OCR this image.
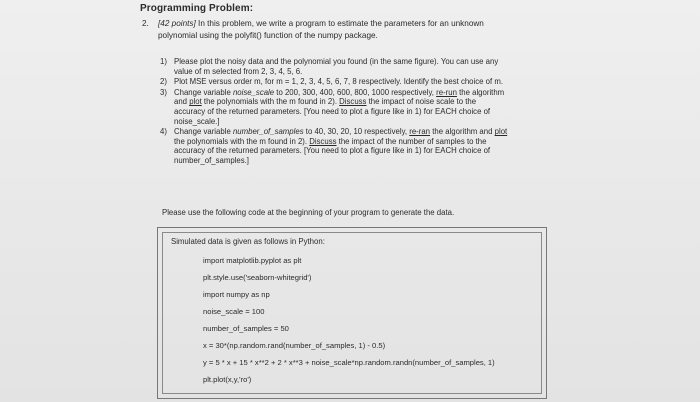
Programming Problem:
2. [42 points] In this problem, we write a program to estimate the parameters for an unknown
polynomial using the polyfit() function of the numpy package.
1) Please plot the noisy data and the polynomial you found (in the same figure). You can use any
value of m selected from 2, 3, 4, 5, 6.
2) Plot MSE versus order m, for m = 1, 2, 3, 4, 5, 6, 7, 8 respectively. Identify the best choice of m.
3) Change variable noise_scale to 200, 300, 400, 600, 800, 1000 respectively, re-run the algorithm
and plot the polynomials with the m found in 2). Discuss the impact of noise scale to the
accuracy of the returned parameters. [You need to plot a figure like in 1) for EACH choice of
noise_scale.]
4) Change variable number_of_samples to 40, 30, 20, 10 respectively, re-ran the algorithm and plot
the polynomials with the m found in 2). Discuss the impact of the number of samples to the
accuracy of the returned parameters. [You need to plot a figure like in 1) for EACH choice of
number_of_samples.]
Please use the following code at the beginning of your program to generate the data.
Simulated data is given as follows in Python:
import matplotlib.pyplot as plt
plt.style.use('seaborn-whitegrid')
import numpy as np
noise_scale = 100
number_of_samples = 50
x = 30*(np.random.rand(number_of_samples, 1) - 0.5)
y = 5 * x + 15 * x**2 + 2 * x**3 + noise_scale*np.random.randn(number_of_samples, 1)
plt.plot(x,y,'ro')
